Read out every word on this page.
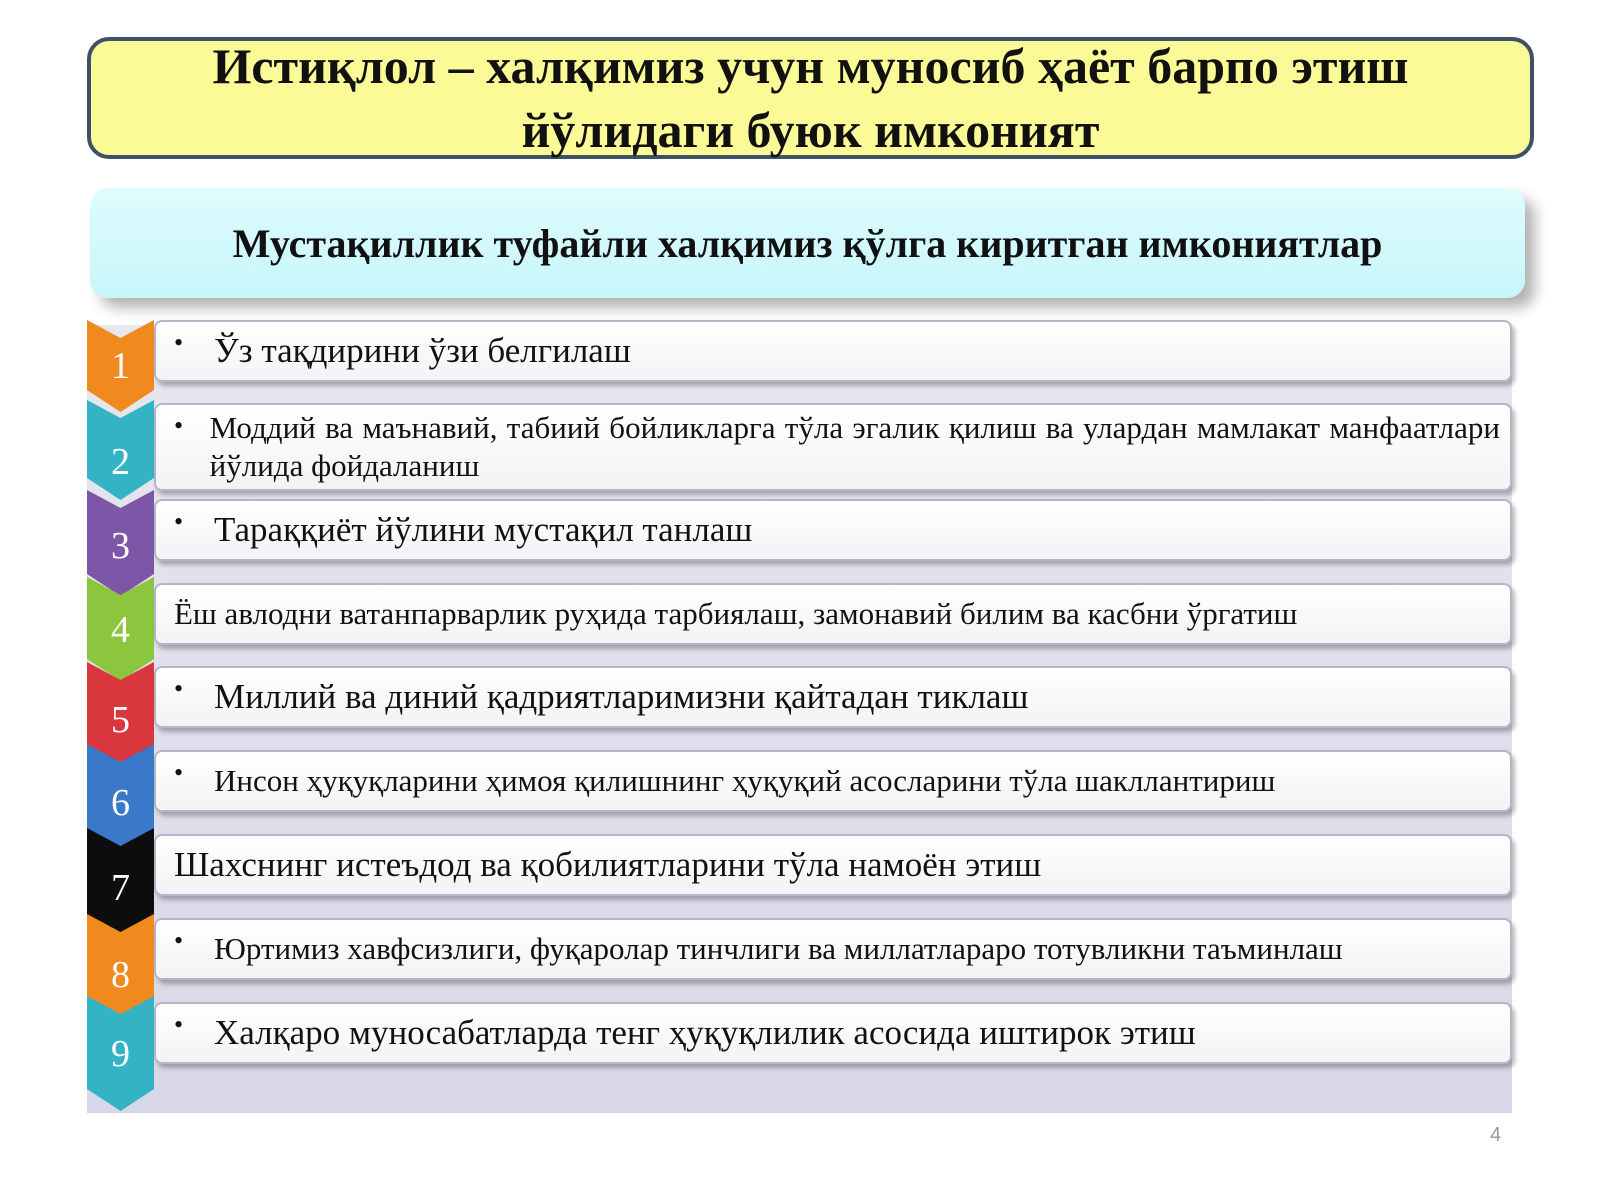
Истиқлол – халқимиз учун муносиб ҳаёт барпо этиш йўлидаги буюк имконият
Мустақиллик туфайли халқимиз қўлга киритган имкониятлар
1
• Ўз тақдирини ўзи белгилаш
2
• Моддий ва маънавий, табиий бойликларга тўла эгалик қилиш ва улардан мамлакат манфаатлари йўлида фойдаланиш
3
• Тараққиёт йўлини мустақил танлаш
4	Ёш авлодни ватанпарварлик руҳида тарбиялаш, замонавий билим ва касбни ўргатиш
5
• Миллий ва диний қадриятларимизни қайтадан тиклаш
6
• Инсон ҳуқуқларини ҳимоя қилишнинг ҳуқуқий асосларини тўла шакллантириш
7
Шахснинг истеъдод ва қобилиятларини тўла намоён этиш
8
• Юртимиз хавфсизлиги, фуқаролар тинчлиги ва миллатлараро тотувликни таъминлаш
9
• Халқаро муносабатларда тенг ҳуқуқлилик асосида иштирок этиш
4
